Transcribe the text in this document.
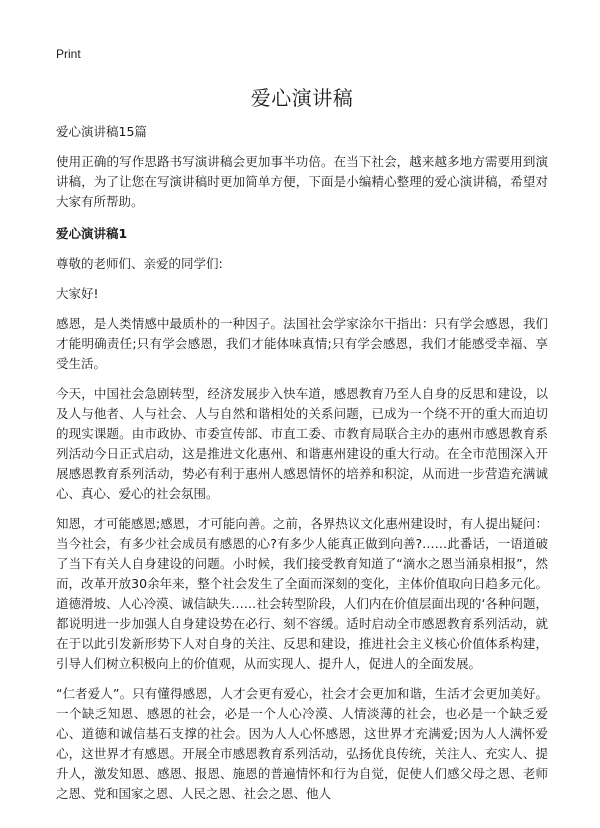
Print
爱心演讲稿
爱心演讲稿15篇

使用正确的写作思路书写演讲稿会更加事半功倍。在当下社会，越来越多地方需要用到演讲稿，为了让您在写演讲稿时更加简单方便，下面是小编精心整理的爱心演讲稿，希望对大家有所帮助。

爱心演讲稿1

尊敬的老师们、亲爱的同学们:

大家好!

感恩，是人类情感中最质朴的一种因子。法国社会学家涂尔干指出：只有学会感恩，我们才能明确责任;只有学会感恩，我们才能体味真情;只有学会感恩，我们才能感受幸福、享受生活。

今天，中国社会急剧转型，经济发展步入快车道，感恩教育乃至人自身的反思和建设，以及人与他者、人与社会、人与自然和谐相处的关系问题，已成为一个绕不开的重大而迫切的现实课题。由市政协、市委宣传部、市直工委、市教育局联合主办的惠州市感恩教育系列活动今日正式启动，这是推进文化惠州、和谐惠州建设的重大行动。在全市范围深入开展感恩教育系列活动，势必有利于惠州人感恩情怀的培养和积淀，从而进一步营造充满诚心、真心、爱心的社会氛围。

知恩，才可能感恩;感恩，才可能向善。之前，各界热议文化惠州建设时，有人提出疑问：当今社会，有多少社会成员有感恩的心?有多少人能真正做到向善?……此番话，一语道破了当下有关人自身建设的问题。小时候，我们接受教育知道了“滴水之恩当涌泉相报”，然而，改革开放30余年来，整个社会发生了全面而深刻的变化，主体价值取向日趋多元化。道德滑坡、人心冷漠、诚信缺失……社会转型阶段，人们内在价值层面出现的‘各种问题，都说明进一步加强人自身建设势在必行、刻不容缓。适时启动全市感恩教育系列活动，就在于以此引发新形势下人对自身的关注、反思和建设，推进社会主义核心价值体系构建，引导人们树立积极向上的价值观，从而实现人、提升人，促进人的全面发展。

“仁者爱人”。只有懂得感恩，人才会更有爱心，社会才会更加和谐，生活才会更加美好。一个缺乏知恩、感恩的社会，必是一个人心冷漠、人情淡薄的社会，也必是一个缺乏爱心、道德和诚信基石支撑的社会。因为人人心怀感恩，这世界才充满爱;因为人人满怀爱心，这世界才有感恩。开展全市感恩教育系列活动，弘扬优良传统，关注人、充实人、提升人，激发知恩、感恩、报恩、施恩的普遍情怀和行为自觉，促使人们感父母之恩、老师之恩、党和国家之恩、人民之恩、社会之恩、他人
